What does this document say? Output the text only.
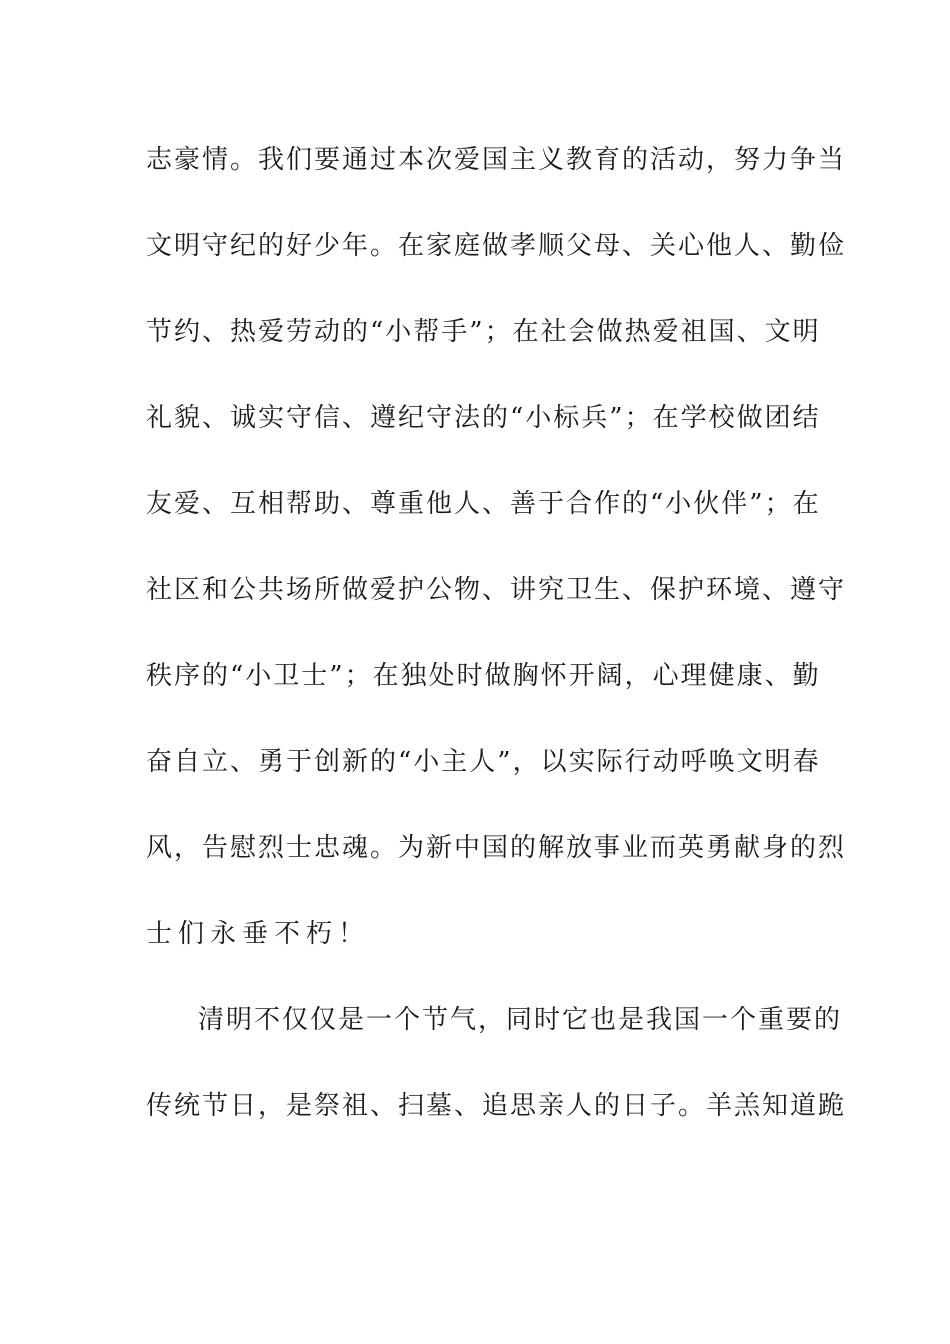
志豪情。我们要通过本次爱国主义教育的活动，努力争当
文明守纪的好少年。在家庭做孝顺父母、关心他人、勤俭
节约、热爱劳动的“小帮手”；在社会做热爱祖国、文明
礼貌、诚实守信、遵纪守法的“小标兵”；在学校做团结
友爱、互相帮助、尊重他人、善于合作的“小伙伴”；在
社区和公共场所做爱护公物、讲究卫生、保护环境、遵守
秩序的“小卫士”；在独处时做胸怀开阔，心理健康、勤
奋自立、勇于创新的“小主人”，以实际行动呼唤文明春
风，告慰烈士忠魂。为新中国的解放事业而英勇献身的烈
士们永垂不朽！
清明不仅仅是一个节气，同时它也是我国一个重要的
传统节日，是祭祖、扫墓、追思亲人的日子。羊羔知道跪
